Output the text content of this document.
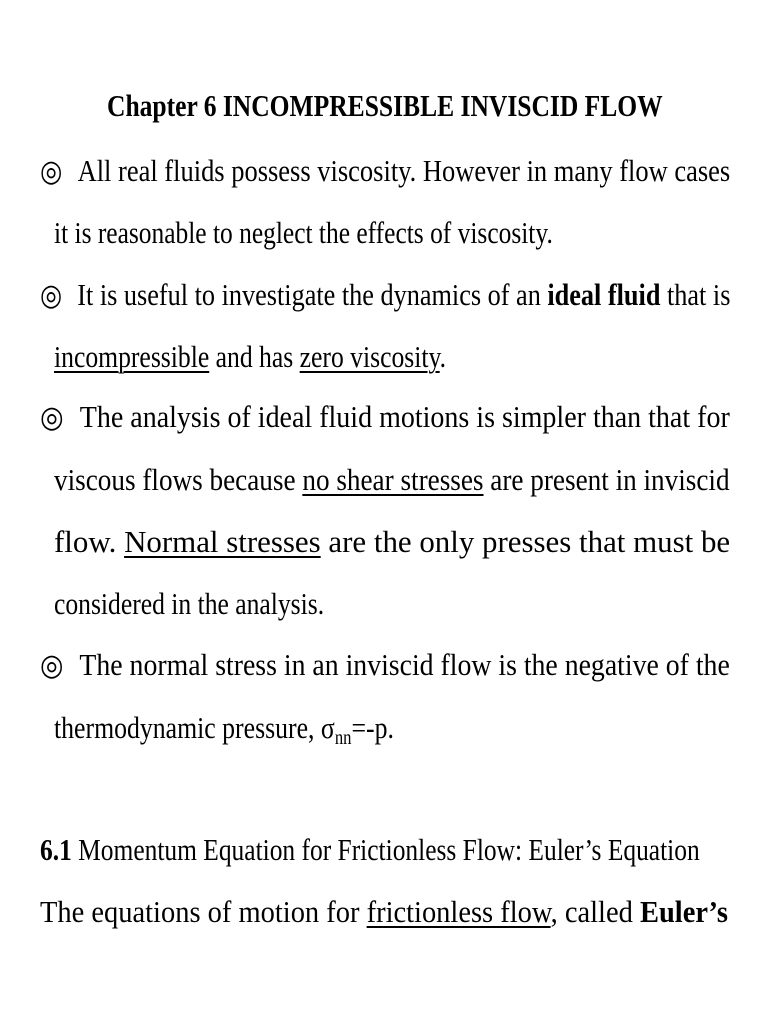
Chapter 6 INCOMPRESSIBLE INVISCID FLOW
◎ All real fluids possess viscosity. However in many flow cases
it is reasonable to neglect the effects of viscosity.
◎ It is useful to investigate the dynamics of an ideal fluid that is
incompressible and has zero viscosity.
◎ The analysis of ideal fluid motions is simpler than that for
viscous flows because no shear stresses are present in inviscid
flow. Normal stresses are the only presses that must be
considered in the analysis.
◎ The normal stress in an inviscid flow is the negative of the
thermodynamic pressure, $\sigma_{nn}=-p$.
6.1 Momentum Equation for Frictionless Flow: Euler’s Equation
The equations of motion for frictionless flow, called Euler’s
